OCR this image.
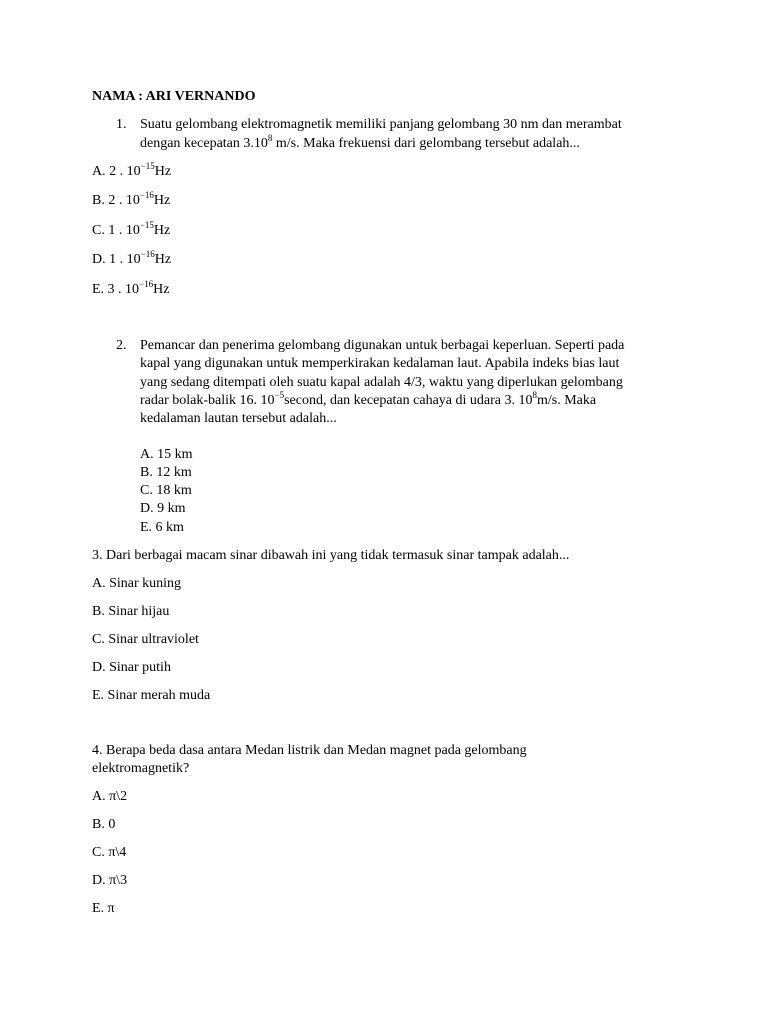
NAMA : ARI VERNANDO
1. Suatu gelombang elektromagnetik memiliki panjang gelombang 30 nm dan merambat
dengan kecepatan 3.10$^8$ m/s. Maka frekuensi dari gelombang tersebut adalah...
A. 2 . $10^{-15}Hz$
B. 2 . $10^{-16}Hz$
C. 1 . $10^{-15}Hz$
D. 1 . $10^{-16}Hz$
E. 3 . $10^{-16}Hz$
2. Pemancar dan penerima gelombang digunakan untuk berbagai keperluan. Seperti pada
kapal yang digunakan untuk memperkirakan kedalaman laut. Apabila indeks bias laut
yang sedang ditempati oleh suatu kapal adalah 4/3, waktu yang diperlukan gelombang
radar bolak-balik 16. $10^{-5}second$, dan kecepatan cahaya di udara 3. $10^8m/s$. Maka
kedalaman lautan tersebut adalah...
A. 15 km
B. 12 km
C. 18 km
D. 9 km
E. 6 km
3. Dari berbagai macam sinar dibawah ini yang tidak termasuk sinar tampak adalah...
A. Sinar kuning
B. Sinar hijau
C. Sinar ultraviolet
D. Sinar putih
E. Sinar merah muda
4. Berapa beda dasa antara Medan listrik dan Medan magnet pada gelombang
elektromagnetik?
A. π\2
B. 0
C. π\4
D. π\3
E. π
